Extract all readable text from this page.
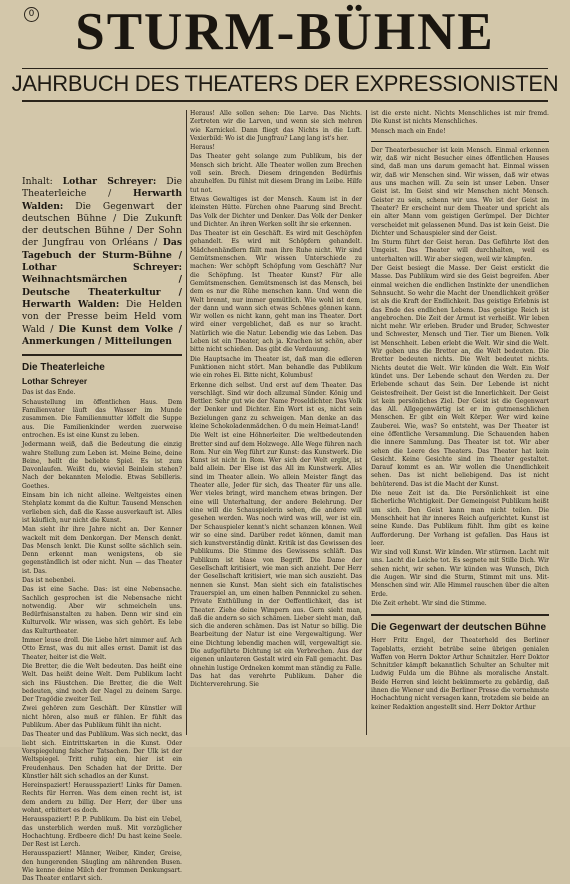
0 STURM-BÜHNE
JAHRBUCH DES THEATERS DER EXPRESSIONISTEN
Inhalt: Lothar Schreyer: Die Theaterleiche / Herwarth Walden: Die Gegenwart der deutschen Bühne / Die Zukunft der deutschen Bühne / Der Sohn der Jungfrau von Orléans / Das Tagebuch der Sturm-Bühne / Lothar Schreyer: Weihnachtsmärchen / Deutsche Theaterkultur / Herwarth Walden: Die Helden von der Presse beim Held vom Wald / Die Kunst dem Volke / Anmerkungen / Mitteilungen
Die Theaterleiche
Lothar Schreyer

Das ist das Ende.

Schaustellung im öffentlichen Haus. Dem Familienvater läuft das Wasser im Munde zusammen. Die Familienmutter löffelt die Suppe aus. Die Familienkinder werden zuerweise entrochen. Es ist eine Kunst zu leben.

Jedermann weiß, daß die Bedeutung die einzig wahre Stellung zum Leben ist. Meine Beine, deine Beine, hellt die beliebte Spiel. Es ist zum Davonlaufen. Weißt du, wieviel Beinlein stehen? Nach der bekannten Melodie. Etwas Sebilleris. Goethes.

Einsam bin ich nicht alleine. Weltgeistes einen Stehplatz kommt da die Kultur. Tausend Menschen verlieben sich, daß die Kasse ausverkauft ist. Alles ist käuflich, nur nicht die Kunst.

Man sieht ihr ihre Jahre nicht an. Der Kenner wackelt mit dem Denkorgan. Der Mensch denkt. Das Mensch lenkt. Die Kunst sollte sächlich sein. Denn erkennt man wenigstens, ob sie gegenständlich ist oder nicht. Nun — das Theater ist. Das.

Das ist nebenbei.

Das ist eine Sache. Das: ist eine Nebensache. Sachlich gesprochen ist die Nebensache nicht notwendig. Aber wir schmeicheln uns. Bedürfnisanstalten zu haben. Denn wir sind ein Kulturvolk. Wir wissen, was sich gehört. Es lebe das Kulturtheater.

Immer leuse droll. Die Liebe hört nimmer auf. Ach Otto Ernst, was du mit alles ernst. Damit ist das Theater, heiter ist die Welt.

Die Bretter, die die Welt bedeuten. Das heißt eine Welt. Das heißt deine Welt. Dem Publikum lacht sich ins Fäustchen. Die Bretter, die die Welt bedeuten, sind noch der Nagel zu deinem Sarge. Der Tragödie zweiter Teil.

Zwei gehören zum Geschäft. Der Künstler will nicht hören, also muß er fühlen. Er fühlt das Publikum. Aber das Publikum fühlt ihn nicht.

Das Theater und das Publikum. Was sich neckt, das liebt sich. Eintrittskarten in die Kunst. Oder Vorspiegelung falscher Tatsachen. Der Ulk ist der Weltspiegel. Tritt ruhig ein, hier ist ein Freudenhaus. Den Schaden hat der Dritte. Der Künstler hält sich schadlos an der Kunst.

Hereinspaziert! Herausspaziert! Links für Damen. Rechts für Herren. Was dem einen recht ist, ist dem andern zu billig. Der Herr, der über uns wohnt, erbittert es doch.

Herausspaziert! P. P. Publikum. Da bist ein Uebel, das unsterblich werden muß. Mit vorzüglicher Hochachtung. Erdbeere dich! Du hast keine Seele. Der Rest ist Lerch.

Herausspaziert! Männer, Weiber, Kinder, Greise, den hungerenden Säugling am nährenden Busen. Wie kenne deine Milch der frommen Denkungsart. Das Theater entlarvt sich.

Heraus! Alle sollen sehen: Die Larve. Das Nichts. Zertreten wir die Larven, und wenn sie sich mehren wie Karnickel. Dann fliegt das Nichts in die Luft. Vexierbild: Wo ist die Jungfrau? Lang lang ist's her.

Heraus!

Das Theater geht solange zum Publikum, bis der Mensch sich bricht. Alle Theater wollen zum Brechen voll sein. Brech. Diesem dringenden Bedürfnis abzuhelfen. Du fühlst mit diesem Drang im Leibe. Hilfe tut not.

Etwas Gewaltiges ist der Mensch. Kaum ist in der kleinsten Hütte. Fürchen ohne Paarung sind Brecht. Das Volk der Dichter und Denker. Das Volk der Denker und Dichter. An ihren Werken sollt ihr sie erkennen.

Das Theater ist ein Geschäft. Es wird mit Geschöpfen gehandelt. Es wird mit Schöpfern gehandelt. Mädchenhändlern fällt man ihre Ruhe nicht. Wir sind Gemütsmenschen. Wir wissen Unterschiede zu machen: Wer schöpft Schöpfung vom Geschäft? Nur die Schöpfung. Ist Theater Kunst? Für alle Gemütsmenschen. Gemütsmensch ist das Mensch, bei dem es nur die Rühe menschen kann. Und wenn die Welt brennt, nur immer gemütlich. Wie wohl ist dem, der dann und wann sich etwas Schönes gönnen kann. Wir wollen es nicht kann, geht man ins Theater. Dort wird einer vergeblichet, daß es nur so kracht. Natürlich wie die Natur. Lebendig wie das Leben. Das Leben ist ein Theater, ach ja. Krachen ist schön, aber bitte nicht schießen. Das gibt die Verdauung.

Die Hauptsache im Theater ist, daß man die edleren Funktionen nicht stört. Man behandle das Publikum wie ein rohes Ei. Bitte nicht, Kolumbus!

Erkenne dich selbst. Und erst auf dem Theater. Das verschlägt. Sind wir doch allzumal Sünder. König und Bettler. Sehr gut wie der Name Proseldichter. Das Volk der Denker und Dichter. Ein Wort ist es, nicht sein Bezielungen ganz zu schweigen. Man denke an das kleine Schokoladenmädchen. O du mein Heimat-Land!

Die Welt ist eine Höhnerleiter. Die weltbedeutenden Bretter sind auf dem Holzwege. Alle Wege führen nach Rom. Nur ein Weg führt zur Kunst: das Kunstwerk. Die Kunst ist nicht in Rom. Wer sich der Welt ergibt, ist bald allein. Der Else ist das All im Kunstwerk. Alles sind im Theater allein. Wo allein Meister fängt das Theater alle, Jeder für sich, das Theater für uns alle. Wer vieles bringt, wird manchem etwas bringen. Der eine will Unterhaltung, der andere Belehrung. Der eine will die Schauspielerin sehen, die andere will gesehen werden. Was noch wird was will, wer ist ein. Der Schauspieler kennt's nicht schanzen können. Weil wir so eine sind. Darüber redet können, damit man sich kunstverständig dünkt. Kritik ist das Gewissen des Publikums. Die Stimme des Gewissens schläft. Das Publikum ist blase von Begriff. Die Dame der Gesellschaft kritisiert, wie man sich anzieht. Der Herr der Gesellschaft kritisiert, wie man sich auszieht. Das nennen sie Kunst. Man sieht sich ein fatalistisches Trauerspiel an, um einen halben Pennnickel zu sehen. Private Enthüllung in der Oeffentlichkeit, das ist Theater. Ziehe deine Wimpern aus. Gern sieht man, daß die andern so sich schämen. Lieber sieht man, daß sich die anderen schämen. Das ist Natur so billig. Die Bearbeitung der Natur ist eine Vergewaltigung. Wer eine Dichtung lebendig machen will, vergewaltigt sie. Die aufgeführte Dichtung ist ein Verbrechen. Aus der eigenen unlauteren Gestalt wird ein Fall gemacht. Das ohnehin lustige Ordneken kommt man ständig zu Falle. Das hat das verehrte Publikum. Daher die Dichterverehrung. Sie

ist die erste nicht. Nichts Menschliches ist mir fremd. Die Kunst ist nichts Menschliches.

Mensch mach ein Ende!

Der Theaterbesucher ist kein Mensch. Einmal erkennen wir, daß wir nicht Besucher eines öffentlichen Hauses sind, daß man uns darum gemacht hat. Einmal wissen wir, daß wir Menschen sind. Wir wissen, daß wir etwas aus uns machen will. Zu sein ist unser Leben. Unser Geist ist. Im Geist sind wir Menschen nicht Mensch. Geister zu sein, schenn wir uns. Wo ist der Geist im Theater? Er erscheint nur dem Theater und spricht als ein alter Mann vom geistigen Gerümpel. Der Dichter verscheidet mit gelassenen Mund. Das ist kein Geist. Die Dichter und Schauspieler sind der Geist.

Im Sturm führt der Geist heran. Das Geführte löst den Umgeist. Das Theater will durchhalten, weil es unterhalten will. Wir aber siegen, weil wir kämpfen.

Der Geist besiegt die Masse. Der Geist erstickt die Masse. Das Publikum wird sie des Geist begreifen. Aber einmal weichen die endlichen Instinkte der unendlichen Sehnsucht. So wehr die Macht der Unendlichkeit größer ist als die Kraft der Endlichkeit. Das geistige Erlebnis ist das Ende des endlichen Lebens. Das geistige Reich ist angebrochen. Die Zeit der Armut ist verheißt. Wir leben nicht mehr. Wir erleben. Bruder und Bruder, Schwester und Schwester, Mensch und Tier. Tier um Bienen. Volk ist Menschheit. Leben erlebt die Welt. Wir sind die Welt. Wir geben uns die Bretter an, die Welt bedeuten. Die Bretter bedeuten nichts. Die Welt bedeutet nichts. Nichts deutet die Welt. Wir künden die Welt. Ein Wolf kündet uns. Der Lebende schaut den Werden zu. Der Erlebende schaut das Sein. Der Lebende ist nicht Geistesfreiheit. Der Geist ist die Innerlichkeit. Der Geist ist kein persönliches Ziel. Der Geist ist die Gegenwart das All. Allgegenwärtig ist er im gutmenschlichen Menschen. Er gibt ein Welt Körper. Wer wird keine Zauberei. Wie, was? So entsteht, was Der Theater ist eine öffentliche Versammlung. Die Schauenden haben die innere Sammlung. Das Theater ist tot. Wir aber sehen die Leere des Theaters. Das Theater hat kein Gesicht. Keine Gesichte sind im Theater gestaltet. Darauf kommt es an. Wir wollen die Unendlichkeit sehen. Das ist nicht beliebigend. Das ist nicht behüterend. Das ist die Macht der Kunst.

Die neue Zeit ist da. Die Persönlichkeit ist eine fächerliche Wichtigkeit. Der Gemeingeist Publikum heißt um sich. Den Geist kann man nicht teilen. Die Menschheit hat ihr inneres Reich aufgerichtet. Kunst ist seine Kunde. Das Publikum fühlt. Ihm gibt es keine Aufforderung. Der Vorhang ist gefallen. Das Haus ist leer.

Wir sind voll Kunst. Wir künden. Wir stürmen. Lacht mit uns. Lacht die Leiche tot. Es segnete mit Stille Dich. Wir sehen nicht, wir sehen. Wir künden was Wunsch, Dich die Augen. Wir sind die Sturm, Stimmt mit uns. Mit-Menschen sind wir. Alle Himmel rauschen über die alten Erde.

Die Zeit erhebt. Wir sind die Stimme.

Die Gegenwart der deutschen Bühne

Herr Fritz Engel, der Theaterheld des Berliner Tageblatts, erzieht betrübe seine übrigen genialen Waffen von Herrn Doktor Arthur Schnitzler. Herr Doktor Schnitzler kämpft bekanntlich Schulter an Schulter mit Ludwig Fulda um die Bühne als moralische Anstalt. Beide Herren sind leicht bekümmerte zu gebärdig, daß ihnen die Wiener und die Berliner Presse die vornehmste Hochachtung nicht versagen kann, trotzdem sie beide an keiner Redaktion angestellt sind. Herr Doktor Arthur
